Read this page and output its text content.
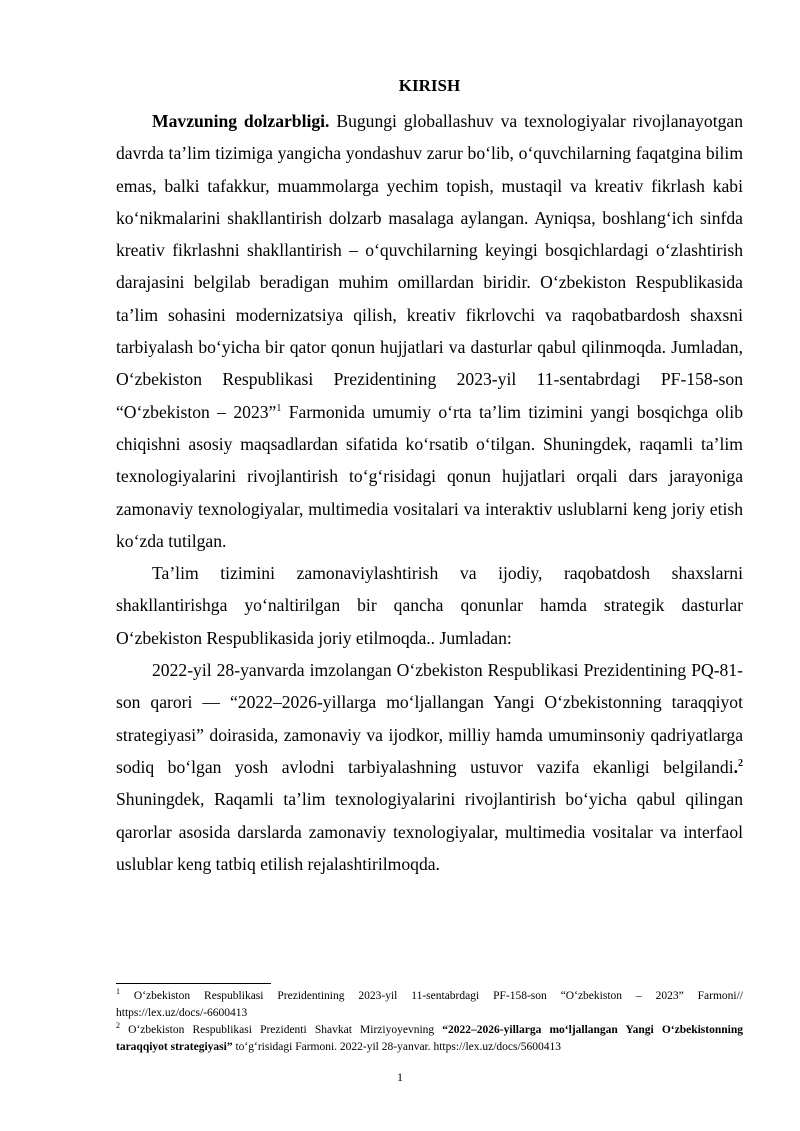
KIRISH

Mavzuning dolzarbligi. Bugungi globallashuv va texnologiyalar rivojlanayotgan davrda ta’lim tizimiga yangicha yondashuv zarur bo‘lib, o‘quvchilarning faqatgina bilim emas, balki tafakkur, muammolarga yechim topish, mustaqil va kreativ fikrlash kabi ko‘nikmalarini shakllantirish dolzarb masalaga aylangan. Ayniqsa, boshlang‘ich sinfda kreativ fikrlashni shakllantirish – o‘quvchilarning keyingi bosqichlardagi o‘zlashtirish darajasini belgilab beradigan muhim omillardan biridir. O‘zbekiston Respublikasida ta’lim sohasini modernizatsiya qilish, kreativ fikrlovchi va raqobatbardosh shaxsni tarbiyalash bo‘yicha bir qator qonun hujjatlari va dasturlar qabul qilinmoqda. Jumladan, O‘zbekiston Respublikasi Prezidentining 2023-yil 11-sentabrdagi PF-158-son “O‘zbekiston – 2023”$^1$ Farmonida umumiy o‘rta ta’lim tizimini yangi bosqichga olib chiqishni asosiy maqsadlardan sifatida ko‘rsatib o‘tilgan. Shuningdek, raqamli ta’lim texnologiyalarini rivojlantirish to‘g‘risidagi qonun hujjatlari orqali dars jarayoniga zamonaviy texnologiyalar, multimedia vositalari va interaktiv uslublarni keng joriy etish ko‘zda tutilgan.

Ta’lim tizimini zamonaviylashtirish va ijodiy, raqobatdosh shaxslarni shakllantirishga yo‘naltirilgan bir qancha qonunlar hamda strategik dasturlar O‘zbekiston Respublikasida joriy etilmoqda.. Jumladan:

2022-yil 28-yanvarda imzolangan O‘zbekiston Respublikasi Prezidentining PQ-81-son qarori — “2022–2026-yillarga mo‘ljallangan Yangi O‘zbekistonning taraqqiyot strategiyasi” doirasida, zamonaviy va ijodkor, milliy hamda umuminsoniy qadriyatlarga sodiq bo‘lgan yosh avlodni tarbiyalashning ustuvor vazifa ekanligi belgilandi.$^2$ Shuningdek, Raqamli ta’lim texnologiyalarini rivojlantirish bo‘yicha qabul qilingan qarorlar asosida darslarda zamonaviy texnologiyalar, multimedia vositalar va interfaol uslublar keng tatbiq etilish rejalashtirilmoqda.

$^1$ O‘zbekiston Respublikasi Prezidentining 2023-yil 11-sentabrdagi PF-158-son “O‘zbekiston – 2023” Farmoni// https://lex.uz/docs/-6600413

$^2$ O‘zbekiston Respublikasi Prezidenti Shavkat Mirziyoyevning “2022–2026-yillarga mo‘ljallangan Yangi O‘zbekistonning taraqqiyot strategiyasi” to‘g‘risidagi Farmoni. 2022-yil 28-yanvar. https://lex.uz/docs/5600413

1
